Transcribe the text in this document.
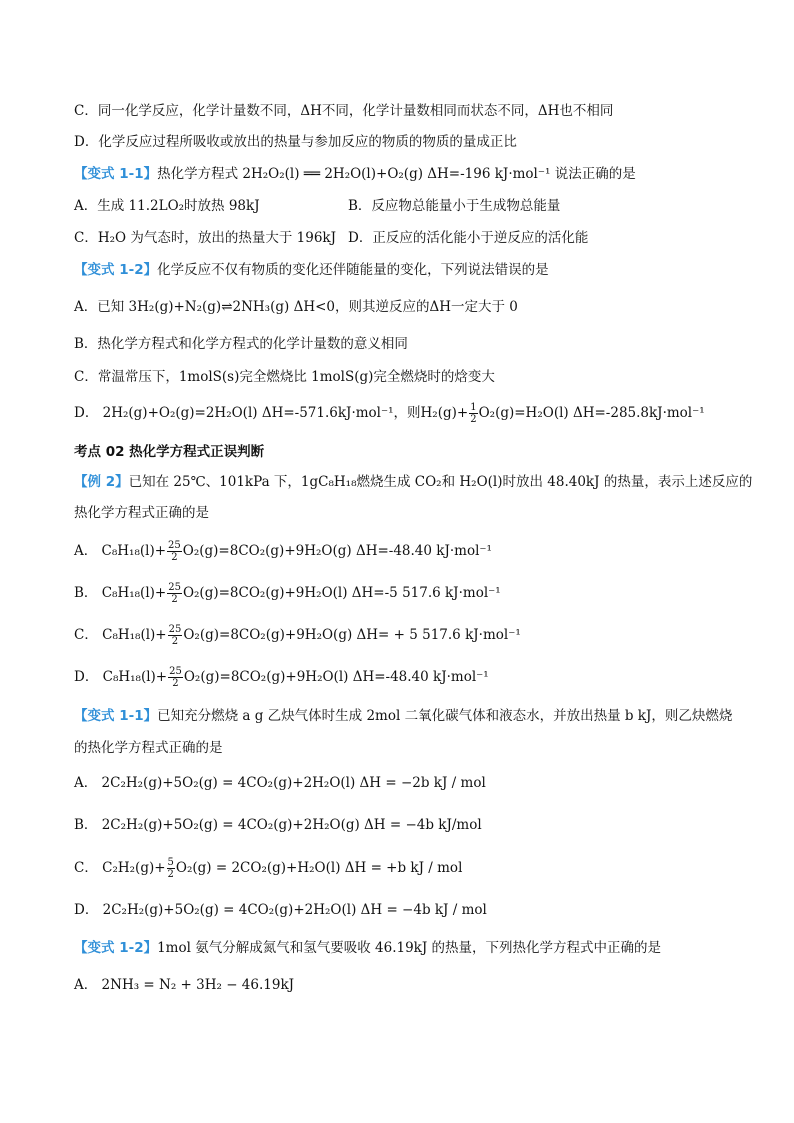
C．同一化学反应，化学计量数不同，ΔH不同，化学计量数相同而状态不同，ΔH也不相同
D．化学反应过程所吸收或放出的热量与参加反应的物质的物质的量成正比
【变式 1-1】热化学方程式 2H₂O₂(l) ══ 2H₂O(l)+O₂(g) ΔH=-196 kJ·mol⁻¹ 说法正确的是
A．生成 11.2LO₂时放热 98kJ	B．反应物总能量小于生成物总能量
C．H₂O 为气态时，放出的热量大于 196kJ D．正反应的活化能小于逆反应的活化能
【变式 1-2】化学反应不仅有物质的变化还伴随能量的变化，下列说法错误的是
A．已知 3H₂(g)+N₂(g)⇌2NH₃(g) ΔH<0，则其逆反应的ΔH一定大于 0
B．热化学方程式和化学方程式的化学计量数的意义相同
C．常温常压下，1molS(s)完全燃烧比 1molS(g)完全燃烧时的焓变大
D． 2H₂(g)+O₂(g)=2H₂O(l) ΔH=-571.6kJ·mol⁻¹，则$H_2(g)+ \frac{1}{2} O_2(g)=H_2O(l)$ ΔH=-285.8kJ·mol⁻¹
考点 02 热化学方程式正误判断
【例 2】已知在 25℃、101kPa 下，1gC₈H₁₈燃烧生成 CO₂和 H₂O(l)时放出 48.40kJ 的热量，表示上述反应的
热化学方程式正确的是
A． $C_8H_{18}(l)+ \frac{25}{2} O_2(g)=8CO_2(g)+9H_2O(g)$ ΔH=-48.40 kJ·mol⁻¹
B． $C_8H_{18}(l)+ \frac{25}{2} O_2(g)=8CO_2(g)+9H_2O(l)$ ΔH=-5 517.6 kJ·mol⁻¹
C． $C_8H_{18}(l)+ \frac{25}{2} O_2(g)=8CO_2(g)+9H_2O(g) \Delta H= + 5$ 517.6 kJ·mol⁻¹
D． $C_8H_{18}(l)+ \frac{25}{2} O_2(g)=8CO_2(g)+9H_2O(l)$ ΔH=-48.40 kJ·mol⁻¹
【变式 1-1】已知充分燃烧 a g 乙炔气体时生成 2mol 二氧化碳气体和液态水，并放出热量 b kJ，则乙炔燃烧
的热化学方程式正确的是
A． 2C₂H₂(g)+5O₂(g) = 4CO₂(g)+2H₂O(l) ΔH = −2b kJ / mol
B． 2C₂H₂(g)+5O₂(g) = 4CO₂(g)+2H₂O(g) ΔH = −4b kJ/mol
C． $C_2H_2(g)+ \frac{5}{2} O_2(g) = 2CO_2(g)+H_2O(l) \Delta H = +b$ kJ / mol
D． 2C₂H₂(g)+5O₂(g) = 4CO₂(g)+2H₂O(l) ΔH = −4b kJ / mol
【变式 1-2】1mol 氨气分解成氮气和氢气要吸收 46.19kJ 的热量，下列热化学方程式中正确的是
A． 2NH₃ = N₂ + 3H₂ − 46.19kJ
